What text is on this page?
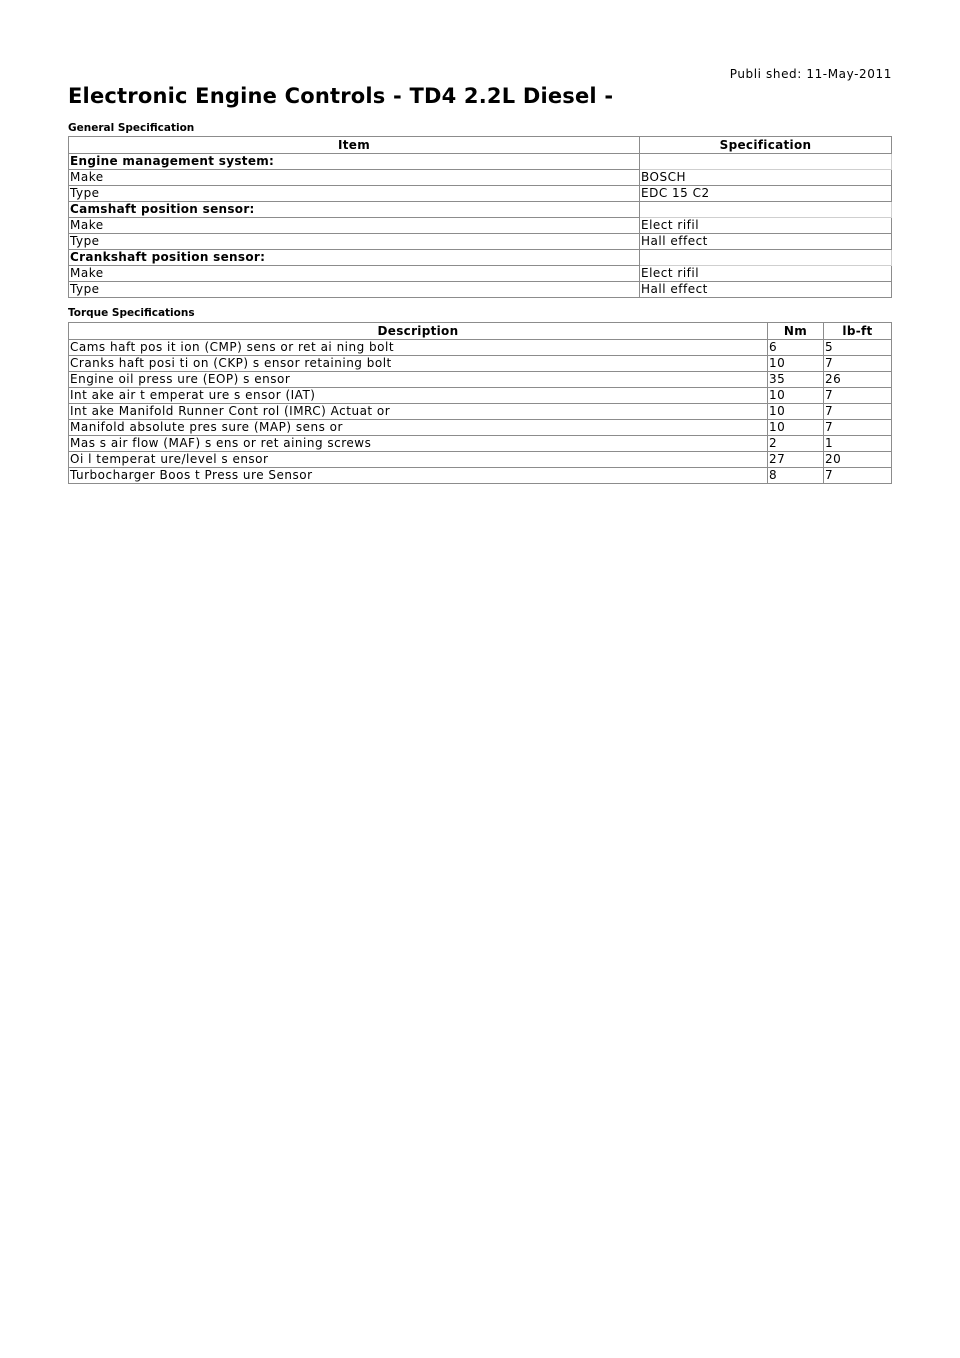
Publi shed: 11-May-2011
Electronic Engine Controls - TD4 2.2L Diesel -
General Specification
Item	Specification
Engine management system:	
Make	BOSCH
Type	EDC 15 C2
Camshaft position sensor:	
Make	Elect rifil
Type	Hall effect
Crankshaft position sensor:	
Make	Elect rifil
Type	Hall effect
Torque Specifications
Description	Nm	lb-ft
Cams haft pos it ion (CMP) sens or ret ai ning bolt	6	5
Cranks haft posi ti on (CKP) s ensor retaining bolt	10	7
Engine oil press ure (EOP) s ensor	35	26
Int ake air t emperat ure s ensor (IAT)	10	7
Int ake Manifold Runner Cont rol (IMRC) Actuat or	10	7
Manifold absolute pres sure (MAP) sens or	10	7
Mas s air flow (MAF) s ens or ret aining screws	2	1
Oi l temperat ure/level s ensor	27	20
Turbocharger Boos t Press ure Sensor	8	7
